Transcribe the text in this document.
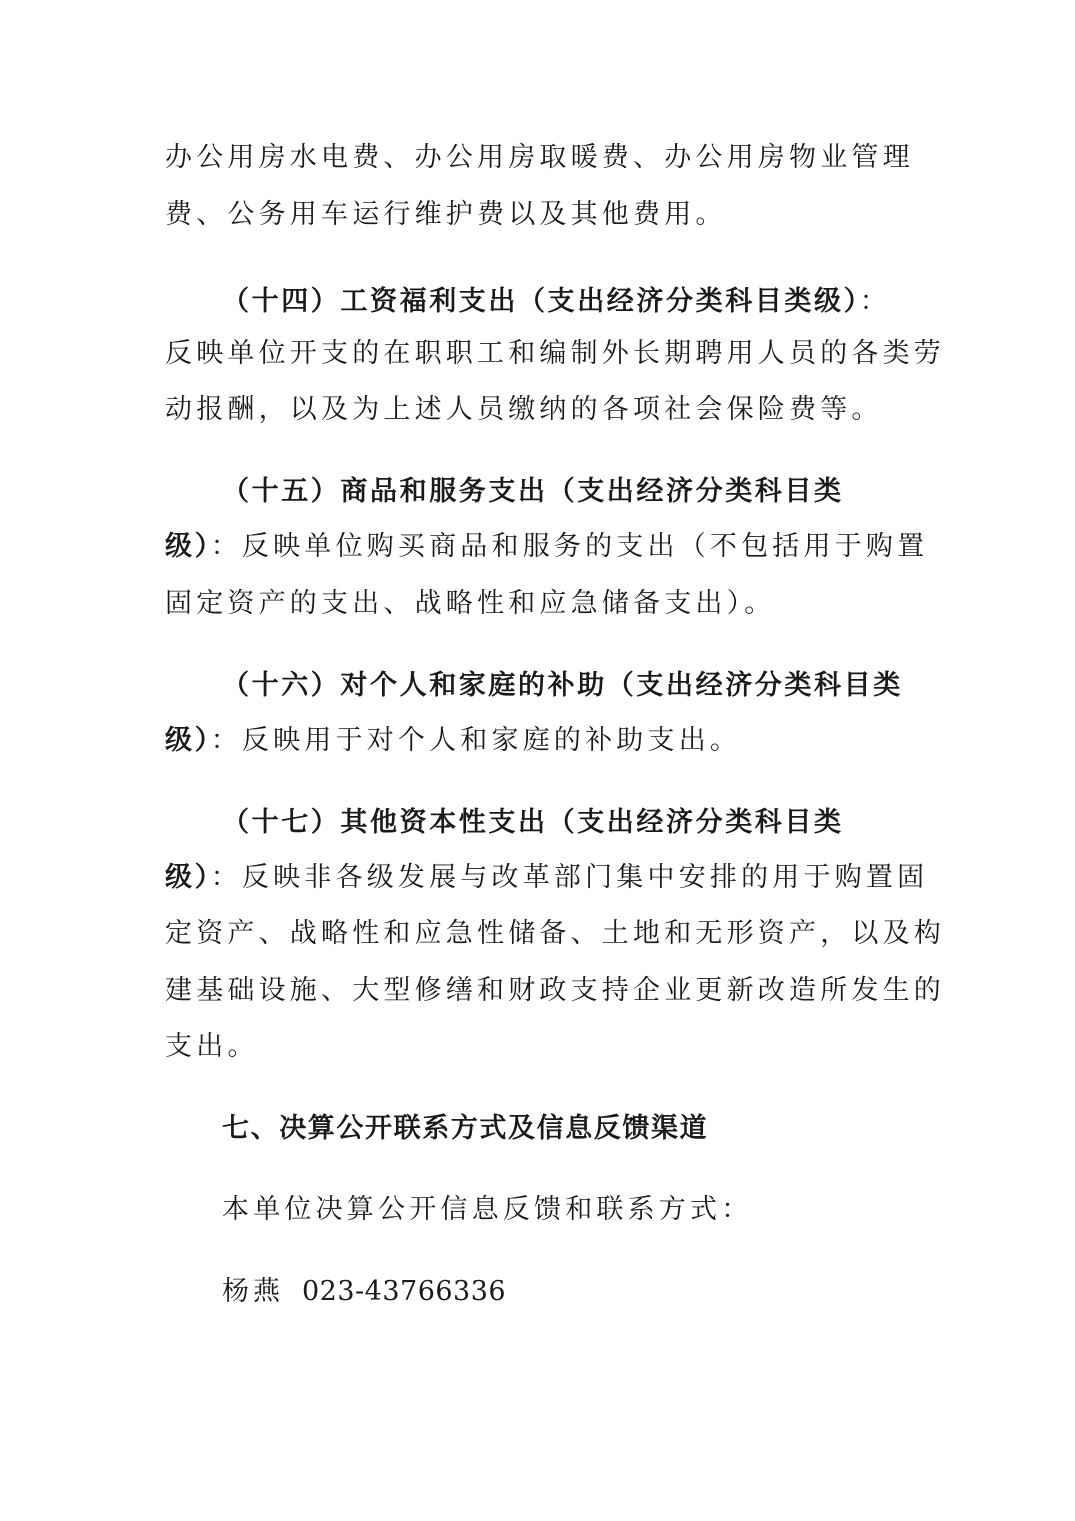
办公用房水电费、办公用房取暖费、办公用房物业管理
费、公务用车运行维护费以及其他费用。
（十四）工资福利支出（支出经济分类科目类级）：
反映单位开支的在职职工和编制外长期聘用人员的各类劳
动报酬，以及为上述人员缴纳的各项社会保险费等。
（十五）商品和服务支出（支出经济分类科目类
级）：反映单位购买商品和服务的支出（不包括用于购置
固定资产的支出、战略性和应急储备支出）。
（十六）对个人和家庭的补助（支出经济分类科目类
级）：反映用于对个人和家庭的补助支出。
（十七）其他资本性支出（支出经济分类科目类
级）：反映非各级发展与改革部门集中安排的用于购置固
定资产、战略性和应急性储备、土地和无形资产，以及构
建基础设施、大型修缮和财政支持企业更新改造所发生的
支出。
七、决算公开联系方式及信息反馈渠道
本单位决算公开信息反馈和联系方式：
杨燕 023-43766336
